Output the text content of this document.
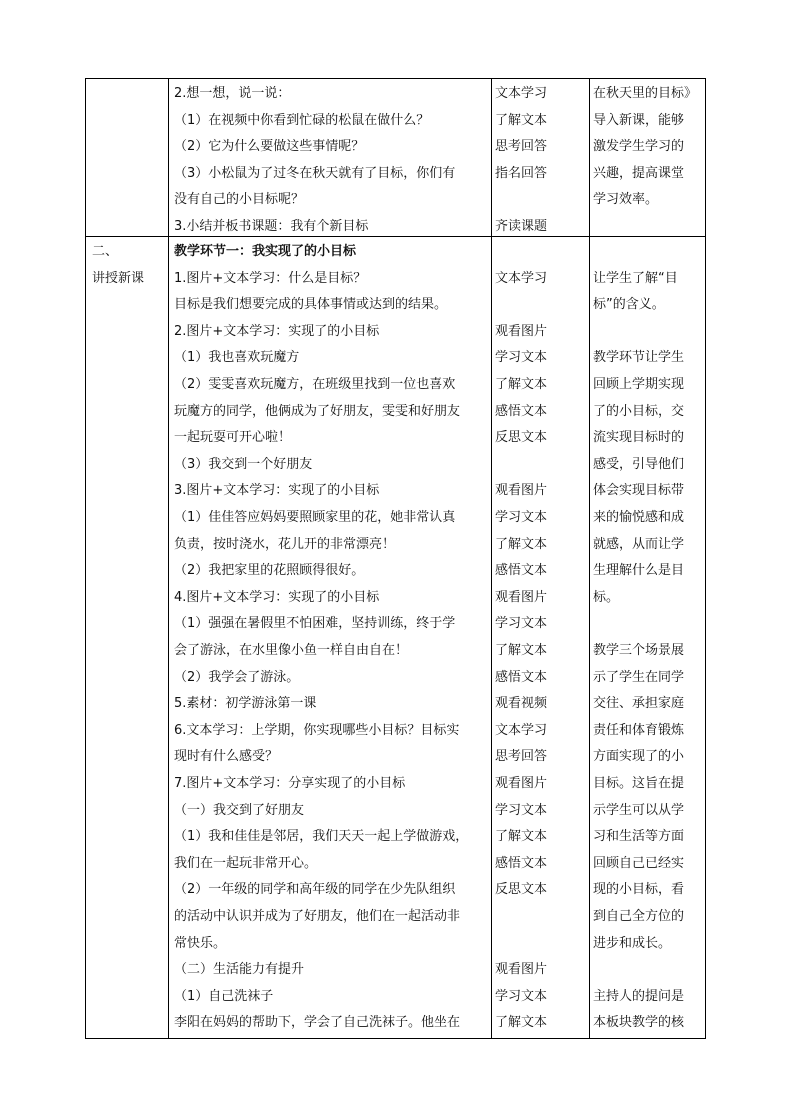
2.想一想，说一说：
（1）在视频中你看到忙碌的松鼠在做什么？
（2）它为什么要做这些事情呢？
（3）小松鼠为了过冬在秋天就有了目标，你们有
没有自己的小目标呢？
3.小结并板书课题：我有个新目标
文本学习
了解文本
思考回答
指名回答
齐读课题
在秋天里的目标》
导入新课，能够
激发学生学习的
兴趣，提高课堂
学习效率。
二、
讲授新课
教学环节一：我实现了的小目标
1.图片+文本学习：什么是目标？
目标是我们想要完成的具体事情或达到的结果。
2.图片+文本学习：实现了的小目标
（1）我也喜欢玩魔方
（2）雯雯喜欢玩魔方，在班级里找到一位也喜欢
玩魔方的同学，他俩成为了好朋友，雯雯和好朋友
一起玩耍可开心啦！
（3）我交到一个好朋友
3.图片+文本学习：实现了的小目标
（1）佳佳答应妈妈要照顾家里的花，她非常认真
负责，按时浇水，花儿开的非常漂亮！
（2）我把家里的花照顾得很好。
4.图片+文本学习：实现了的小目标
（1）强强在暑假里不怕困难，坚持训练，终于学
会了游泳，在水里像小鱼一样自由自在！
（2）我学会了游泳。
5.素材：初学游泳第一课
6.文本学习：上学期，你实现哪些小目标？目标实
现时有什么感受？
7.图片+文本学习：分享实现了的小目标
（一）我交到了好朋友
（1）我和佳佳是邻居，我们天天一起上学做游戏，
我们在一起玩非常开心。
（2）一年级的同学和高年级的同学在少先队组织
的活动中认识并成为了好朋友，他们在一起活动非
常快乐。
（二）生活能力有提升
（1）自己洗袜子
李阳在妈妈的帮助下，学会了自己洗袜子。他坐在
文本学习
观看图片
学习文本
了解文本
感悟文本
反思文本
观看图片
学习文本
了解文本
感悟文本
观看图片
学习文本
了解文本
感悟文本
观看视频
文本学习
思考回答
观看图片
学习文本
了解文本
感悟文本
反思文本
观看图片
学习文本
了解文本
让学生了解“目
标”的含义。
教学环节让学生
回顾上学期实现
了的小目标，交
流实现目标时的
感受，引导他们
体会实现目标带
来的愉悦感和成
就感，从而让学
生理解什么是目
标。
教学三个场景展
示了学生在同学
交往、承担家庭
责任和体育锻炼
方面实现了的小
目标。这旨在提
示学生可以从学
习和生活等方面
回顾自己已经实
现的小目标，看
到自己全方位的
进步和成长。
主持人的提问是
本板块教学的核
